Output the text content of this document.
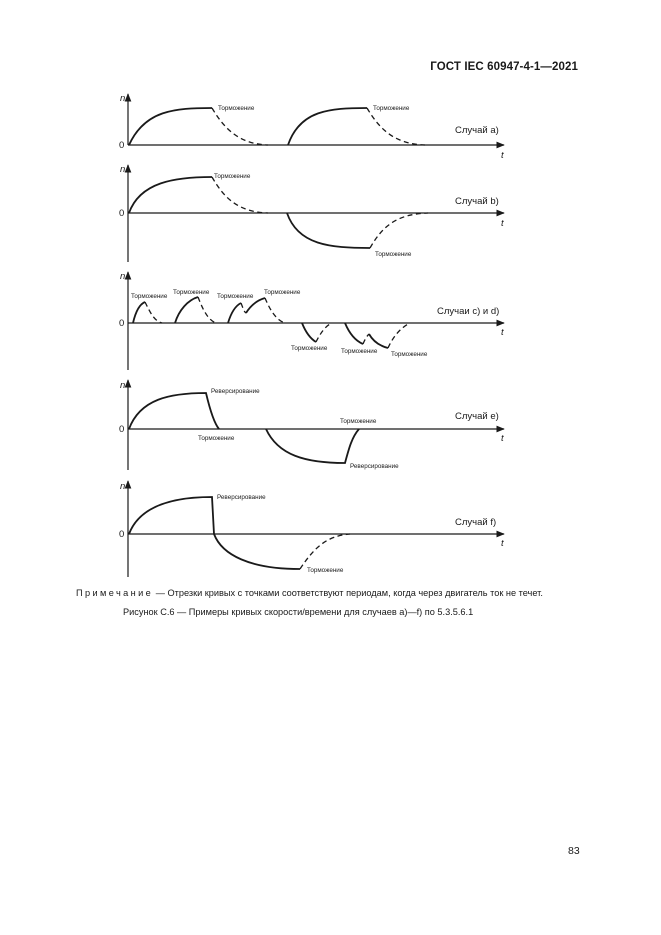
ГОСТ IEC 60947-4-1—2021
n
t
0
Торможение	Торможение
Случай а)
n
t
0
Торможение
Торможение
Случай b)
n
t
0
Торможение
Торможение
Торможение
Торможение
Торможение Торможение Торможение
Случаи с) и d)
n
t
0
Реверсирование
Торможение
Торможение
Реверсирование
Случай е)
n
t
0
Реверсирование
Торможение
Случай f)
Примечание — Отрезки кривых с точками соответствуют периодам, когда через двигатель ток не течет.
Рисунок С.6 — Примеры кривых скорости/времени для случаев а)—f) по 5.3.5.6.1
83
